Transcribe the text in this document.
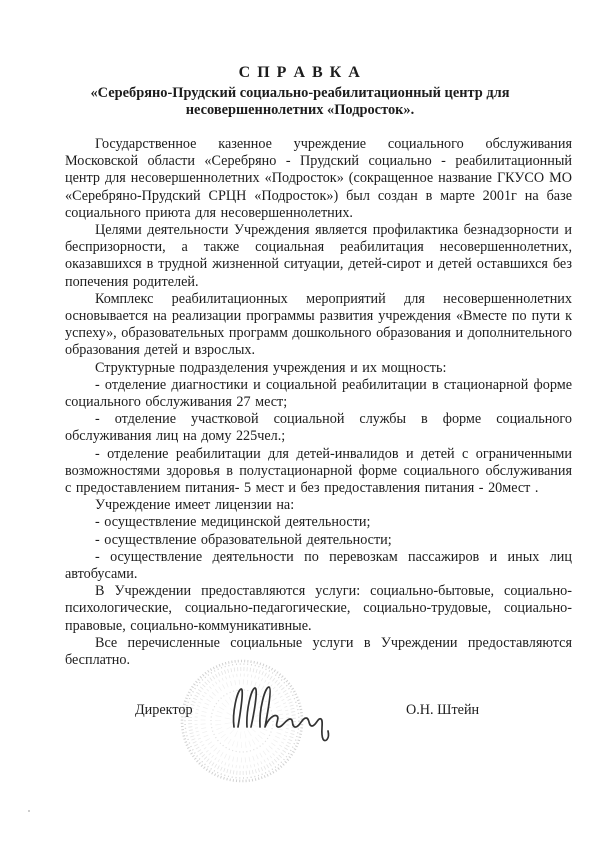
С П Р А В К А
«Серебряно-Прудский социально-реабилитационный центр для
несовершеннолетних «Подросток».

Государственное казенное учреждение социального обслуживания Московской области «Серебряно - Прудский социально - реабилитационный центр для несовершеннолетних «Подросток» (сокращенное название ГКУСО МО «Серебряно-Прудский СРЦН «Подросток») был создан в марте 2001г на базе социального приюта для несовершеннолетних.

Целями деятельности Учреждения является профилактика безнадзорности и беспризорности, а также социальная реабилитация несовершеннолетних, оказавшихся в трудной жизненной ситуации, детей-сирот и детей оставшихся без попечения родителей.

Комплекс реабилитационных мероприятий для несовершеннолетних основывается на реализации программы развития учреждения «Вместе по пути к успеху», образовательных программ дошкольного образования и дополнительного образования детей и взрослых.

Структурные подразделения учреждения и их мощность:

- отделение диагностики и социальной реабилитации в стационарной форме социального обслуживания 27 мест;

- отделение участковой социальной службы в форме социального обслуживания лиц на дому 225чел.;

- отделение реабилитации для детей-инвалидов и детей с ограниченными возможностями здоровья в полустационарной форме социального обслуживания с предоставлением питания- 5 мест и без предоставления питания - 20мест .

Учреждение имеет лицензии на:

- осуществление медицинской деятельности;

- осуществление образовательной деятельности;

- осуществление деятельности по перевозкам пассажиров и иных лиц автобусами.

В Учреждении предоставляются услуги: социально-бытовые, социально-психологические, социально-педагогические, социально-трудовые, социально-правовые, социально-коммуникативные.

Все перечисленные социальные услуги в Учреждении предоставляются бесплатно.

Директор	О.Н. Штейн
